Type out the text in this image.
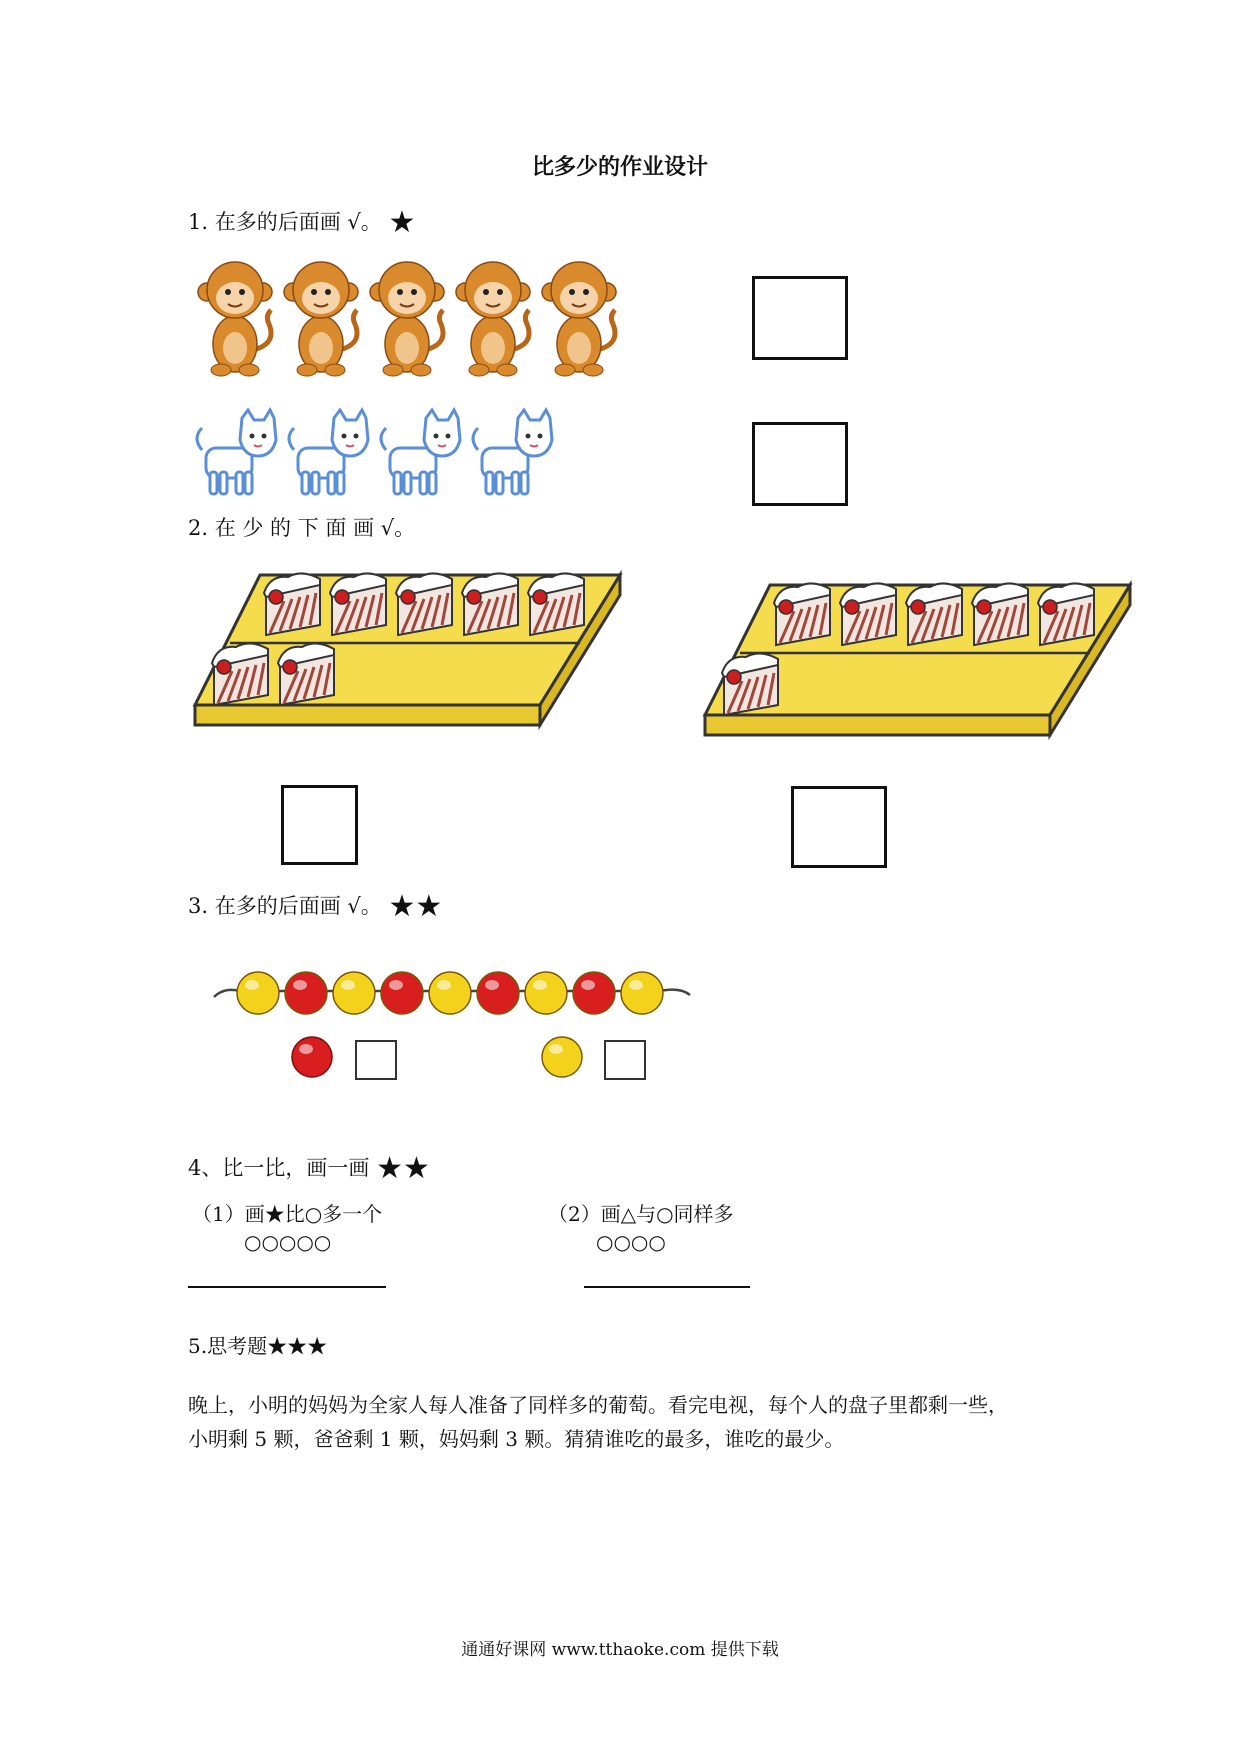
比多少的作业设计
1. 在多的后面画 √。 ★
2. 在 少 的 下 面 画 √。
3. 在多的后面画 √。 ★★
4、比一比，画一画 ★★
（1）画★比○多一个
○○○○○
（2）画△与○同样多
○○○○
5.思考题★★★
晚上，小明的妈妈为全家人每人准备了同样多的葡萄。看完电视，每个人的盘子里都剩一些，
小明剩 5 颗，爸爸剩 1 颗，妈妈剩 3 颗。猜猜谁吃的最多，谁吃的最少。
通通好课网 www.tthaoke.com 提供下载
